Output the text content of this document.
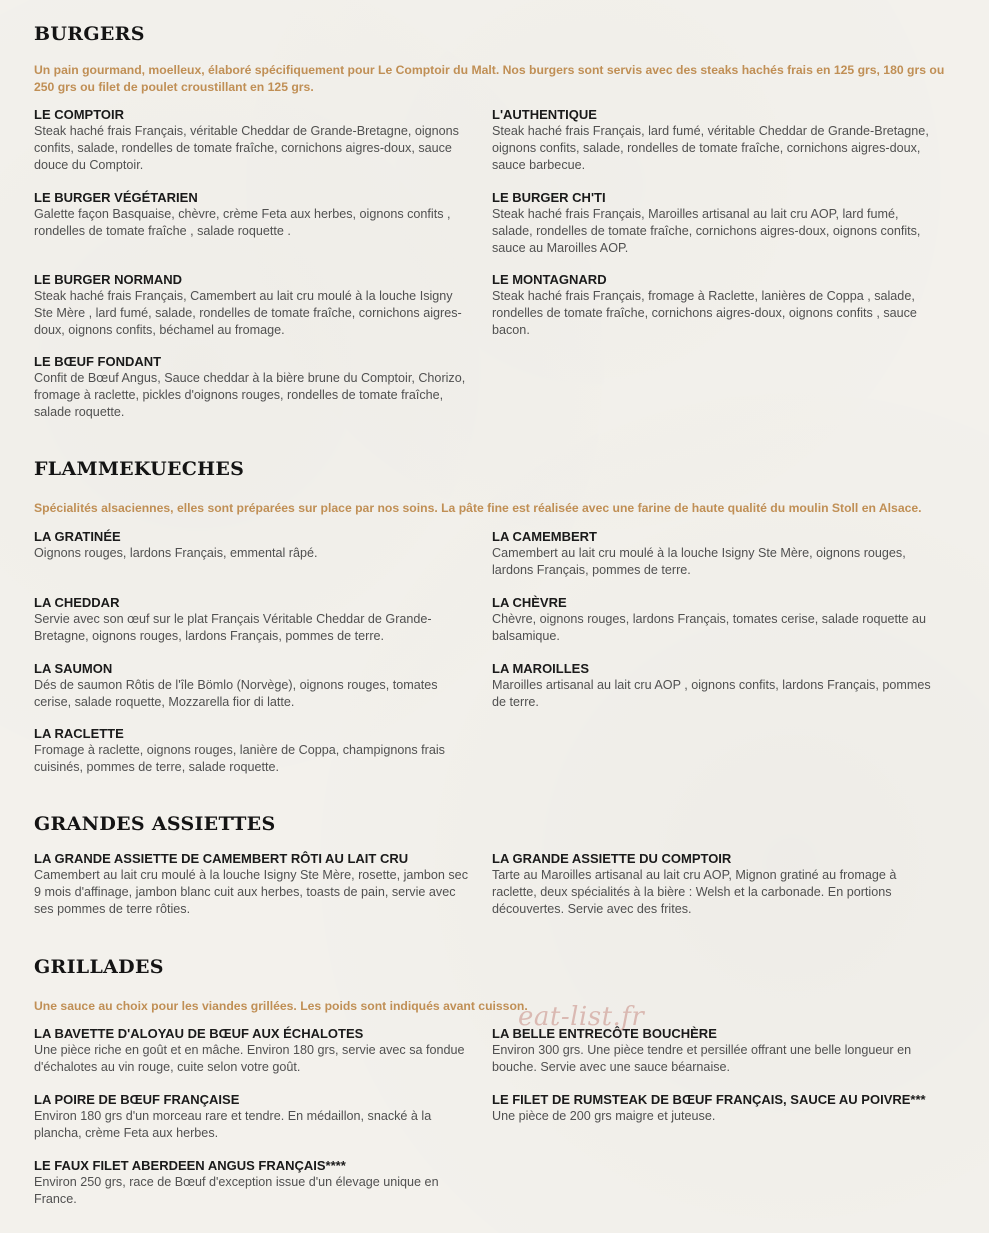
BURGERS

Un pain gourmand, moelleux, élaboré spécifiquement pour Le Comptoir du Malt. Nos burgers sont servis avec des steaks hachés frais en 125 grs, 180 grs ou 250 grs ou filet de poulet croustillant en 125 grs.

LE COMPTOIR
Steak haché frais Français, véritable Cheddar de Grande-Bretagne, oignons confits, salade, rondelles de tomate fraîche, cornichons aigres-doux, sauce douce du Comptoir.
L'AUTHENTIQUE
Steak haché frais Français, lard fumé, véritable Cheddar de Grande-Bretagne, oignons confits, salade, rondelles de tomate fraîche, cornichons aigres-doux, sauce barbecue.
LE BURGER VÉGÉTARIEN
Galette façon Basquaise, chèvre, crème Feta aux herbes, oignons confits , rondelles de tomate fraîche , salade roquette .
LE BURGER CH'TI
Steak haché frais Français, Maroilles artisanal au lait cru AOP, lard fumé, salade, rondelles de tomate fraîche, cornichons aigres-doux, oignons confits, sauce au Maroilles AOP.
LE BURGER NORMAND
Steak haché frais Français, Camembert au lait cru moulé à la louche Isigny Ste Mère , lard fumé, salade, rondelles de tomate fraîche, cornichons aigres-doux, oignons confits, béchamel au fromage.
LE MONTAGNARD
Steak haché frais Français, fromage à Raclette, lanières de Coppa , salade, rondelles de tomate fraîche, cornichons aigres-doux, oignons confits , sauce bacon.
LE BŒUF FONDANT
Confit de Bœuf Angus, Sauce cheddar à la bière brune du Comptoir, Chorizo, fromage à raclette, pickles d'oignons rouges, rondelles de tomate fraîche, salade roquette.
FLAMMEKUECHES

Spécialités alsaciennes, elles sont préparées sur place par nos soins. La pâte fine est réalisée avec une farine de haute qualité du moulin Stoll en Alsace.

LA GRATINÉE
Oignons rouges, lardons Français, emmental râpé.
LA CAMEMBERT
Camembert au lait cru moulé à la louche Isigny Ste Mère, oignons rouges, lardons Français, pommes de terre.
LA CHEDDAR
Servie avec son œuf sur le plat Français Véritable Cheddar de Grande-Bretagne, oignons rouges, lardons Français, pommes de terre.
LA CHÈVRE
Chèvre, oignons rouges, lardons Français, tomates cerise, salade roquette au balsamique.
LA SAUMON
Dés de saumon Rôtis de l'île Bömlo (Norvège), oignons rouges, tomates cerise, salade roquette, Mozzarella fior di latte.
LA MAROILLES
Maroilles artisanal au lait cru AOP , oignons confits, lardons Français, pommes de terre.
LA RACLETTE
Fromage à raclette, oignons rouges, lanière de Coppa, champignons frais cuisinés, pommes de terre, salade roquette.
GRANDES ASSIETTES
LA GRANDE ASSIETTE DE CAMEMBERT RÔTI AU LAIT CRU
Camembert au lait cru moulé à la louche Isigny Ste Mère, rosette, jambon sec 9 mois d'affinage, jambon blanc cuit aux herbes, toasts de pain, servie avec ses pommes de terre rôties.
LA GRANDE ASSIETTE DU COMPTOIR
Tarte au Maroilles artisanal au lait cru AOP, Mignon gratiné au fromage à raclette, deux spécialités à la bière : Welsh et la carbonade. En portions découvertes. Servie avec des frites.
GRILLADES

Une sauce au choix pour les viandes grillées. Les poids sont indiqués avant cuisson.

LA BAVETTE D'ALOYAU DE BŒUF AUX ÉCHALOTES
Une pièce riche en goût et en mâche. Environ 180 grs, servie avec sa fondue d'échalotes au vin rouge, cuite selon votre goût.
LA BELLE ENTRECÔTE BOUCHÈRE
Environ 300 grs. Une pièce tendre et persillée offrant une belle longueur en bouche. Servie avec une sauce béarnaise.
LA POIRE DE BŒUF FRANÇAISE
Environ 180 grs d'un morceau rare et tendre. En médaillon, snacké à la plancha, crème Feta aux herbes.
LE FILET DE RUMSTEAK DE BŒUF FRANÇAIS, SAUCE AU POIVRE***
Une pièce de 200 grs maigre et juteuse.
LE FAUX FILET ABERDEEN ANGUS FRANÇAIS****
Environ 250 grs, race de Bœuf d'exception issue d'un élevage unique en France.
eat-list.fr
